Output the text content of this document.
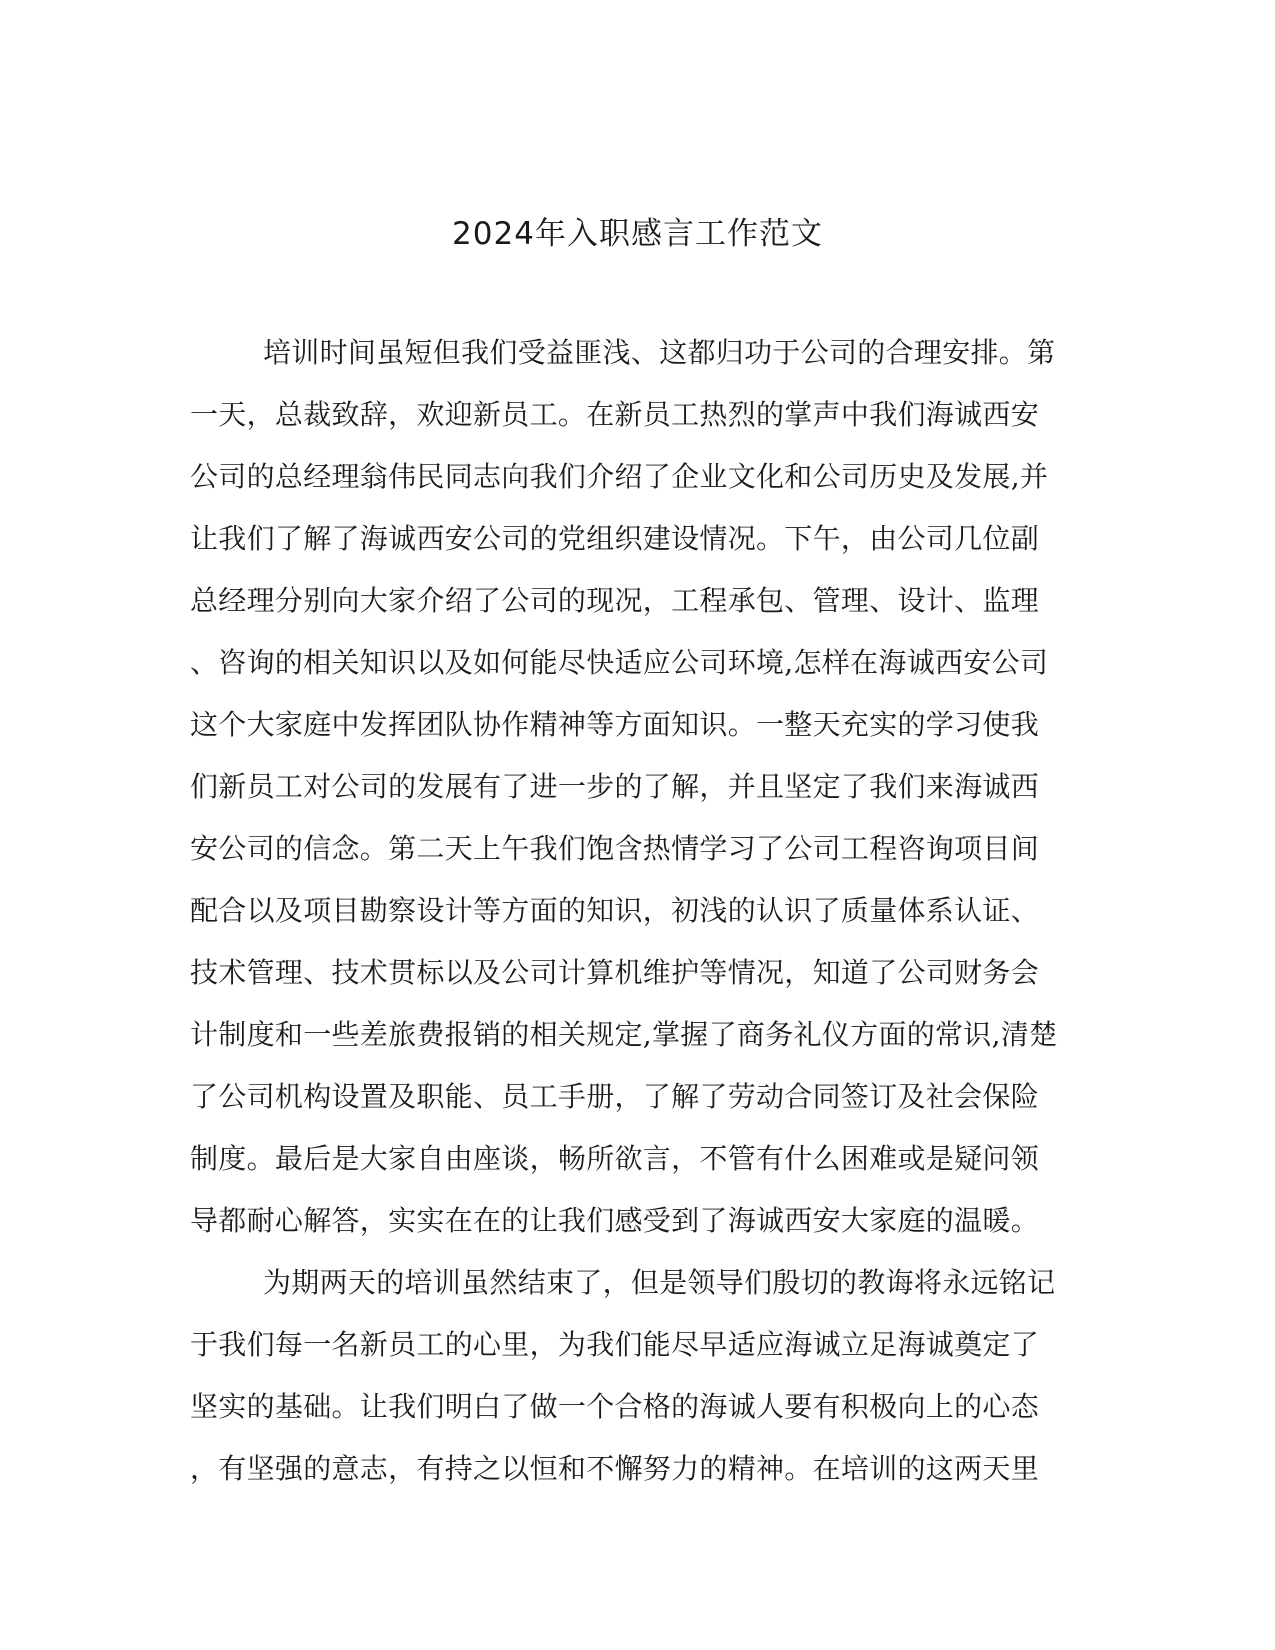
2024年入职感言工作范文
培训时间虽短但我们受益匪浅、这都归功于公司的合理安排。第
一天，总裁致辞，欢迎新员工。在新员工热烈的掌声中我们海诚西安
公司的总经理翁伟民同志向我们介绍了企业文化和公司历史及发展,并
让我们了解了海诚西安公司的党组织建设情况。下午，由公司几位副
总经理分别向大家介绍了公司的现况，工程承包、管理、设计、监理
、咨询的相关知识以及如何能尽快适应公司环境,怎样在海诚西安公司
这个大家庭中发挥团队协作精神等方面知识。一整天充实的学习使我
们新员工对公司的发展有了进一步的了解，并且坚定了我们来海诚西
安公司的信念。第二天上午我们饱含热情学习了公司工程咨询项目间
配合以及项目勘察设计等方面的知识，初浅的认识了质量体系认证、
技术管理、技术贯标以及公司计算机维护等情况，知道了公司财务会
计制度和一些差旅费报销的相关规定,掌握了商务礼仪方面的常识,清楚
了公司机构设置及职能、员工手册，了解了劳动合同签订及社会保险
制度。最后是大家自由座谈，畅所欲言，不管有什么困难或是疑问领
导都耐心解答，实实在在的让我们感受到了海诚西安大家庭的温暖。
为期两天的培训虽然结束了，但是领导们殷切的教诲将永远铭记
于我们每一名新员工的心里，为我们能尽早适应海诚立足海诚奠定了
坚实的基础。让我们明白了做一个合格的海诚人要有积极向上的心态
，有坚强的意志，有持之以恒和不懈努力的精神。在培训的这两天里
